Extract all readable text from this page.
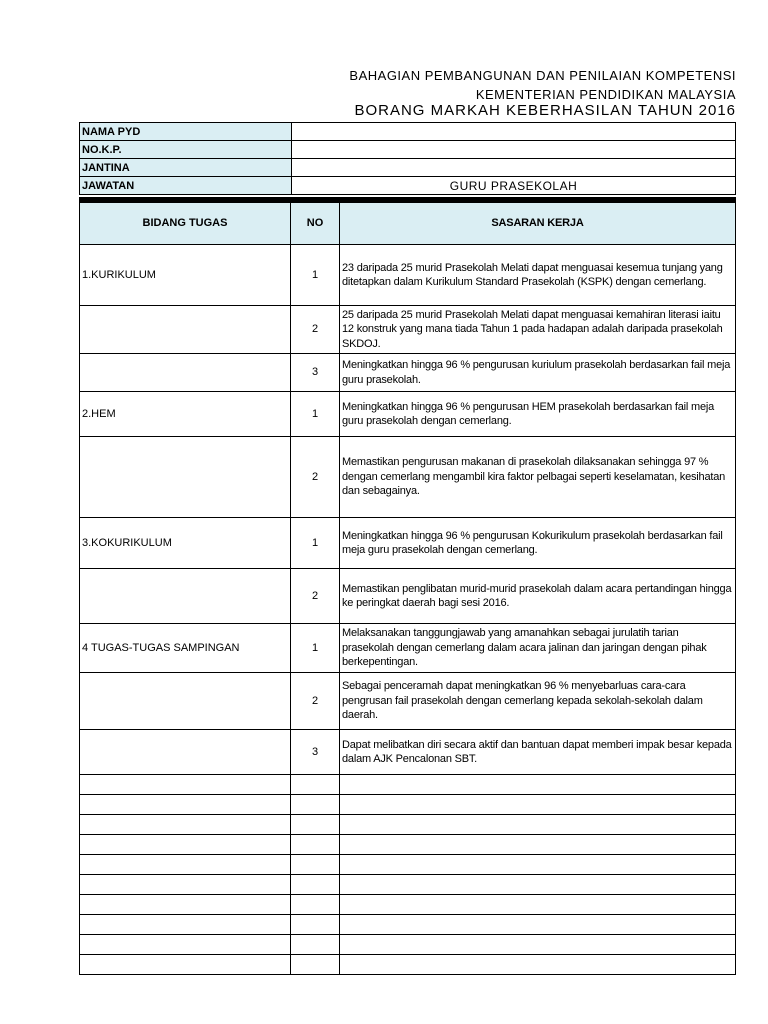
BAHAGIAN PEMBANGUNAN DAN PENILAIAN KOMPETENSI
KEMENTERIAN PENDIDIKAN MALAYSIA
BORANG MARKAH KEBERHASILAN TAHUN 2016
NAMA PYD	
NO.K.P.	
JANTINA	
JAWATAN	GURU PRASEKOLAH
BIDANG TUGAS	NO	SASARAN KERJA
1.KURIKULUM	1	23 daripada 25 murid Prasekolah Melati dapat menguasai kesemua tunjang yang ditetapkan dalam Kurikulum Standard Prasekolah (KSPK) dengan cemerlang.
	2	25 daripada 25 murid Prasekolah Melati dapat menguasai kemahiran literasi iaitu 12 konstruk yang mana tiada Tahun 1 pada hadapan adalah daripada prasekolah SKDOJ.
	3	Meningkatkan hingga 96 % pengurusan kuriulum prasekolah berdasarkan fail meja guru prasekolah.
2.HEM	1	Meningkatkan hingga 96 % pengurusan HEM prasekolah berdasarkan fail meja guru prasekolah dengan cemerlang.
	2	Memastikan pengurusan makanan di prasekolah dilaksanakan sehingga 97 % dengan cemerlang mengambil kira faktor pelbagai seperti keselamatan, kesihatan dan sebagainya.
3.KOKURIKULUM	1	Meningkatkan hingga 96 % pengurusan Kokurikulum prasekolah berdasarkan fail meja guru prasekolah dengan cemerlang.
	2	Memastikan penglibatan murid-murid prasekolah dalam acara pertandingan hingga ke peringkat daerah bagi sesi 2016.
4 TUGAS-TUGAS SAMPINGAN	1	Melaksanakan tanggungjawab yang amanahkan sebagai jurulatih tarian prasekolah dengan cemerlang dalam acara jalinan dan jaringan dengan pihak berkepentingan.
	2	Sebagai penceramah dapat meningkatkan 96 % menyebarluas cara-cara pengrusan fail prasekolah dengan cemerlang kepada sekolah-sekolah dalam daerah.
	3	Dapat melibatkan diri secara aktif dan bantuan dapat memberi impak besar kepada dalam AJK Pencalonan SBT.
